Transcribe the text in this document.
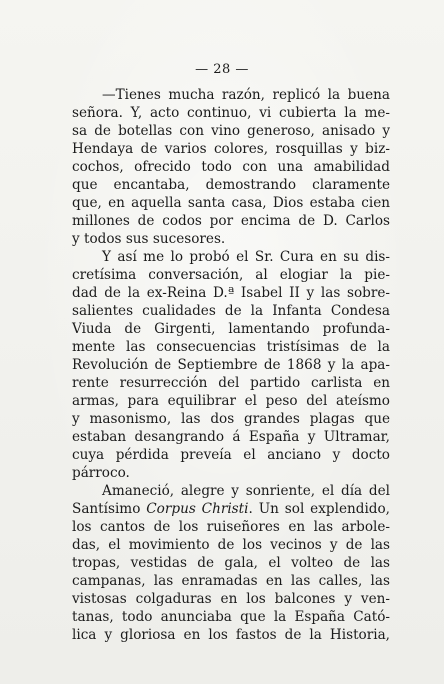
— 28 —
—Tienes mucha razón, replicó la buena
señora. Y, acto continuo, vi cubierta la me-
sa de botellas con vino generoso, anisado y
Hendaya de varios colores, rosquillas y biz-
cochos, ofrecido todo con una amabilidad
que encantaba, demostrando claramente
que, en aquella santa casa, Dios estaba cien
millones de codos por encima de D. Carlos
y todos sus sucesores.
Y así me lo probó el Sr. Cura en su dis-
cretísima conversación, al elogiar la pie-
dad de la ex-Reina D.ª Isabel II y las sobre-
salientes cualidades de la Infanta Condesa
Viuda de Girgenti, lamentando profunda-
mente las consecuencias tristísimas de la
Revolución de Septiembre de 1868 y la apa-
rente resurrección del partido carlista en
armas, para equilibrar el peso del ateísmo
y masonismo, las dos grandes plagas que
estaban desangrando á España y Ultramar,
cuya pérdida preveía el anciano y docto
párroco.
Amaneció, alegre y sonriente, el día del
Santísimo Corpus Christi. Un sol explendido,
los cantos de los ruiseñores en las arbole-
das, el movimiento de los vecinos y de las
tropas, vestidas de gala, el volteo de las
campanas, las enramadas en las calles, las
vistosas colgaduras en los balcones y ven-
tanas, todo anunciaba que la España Cató-
lica y gloriosa en los fastos de la Historia,
